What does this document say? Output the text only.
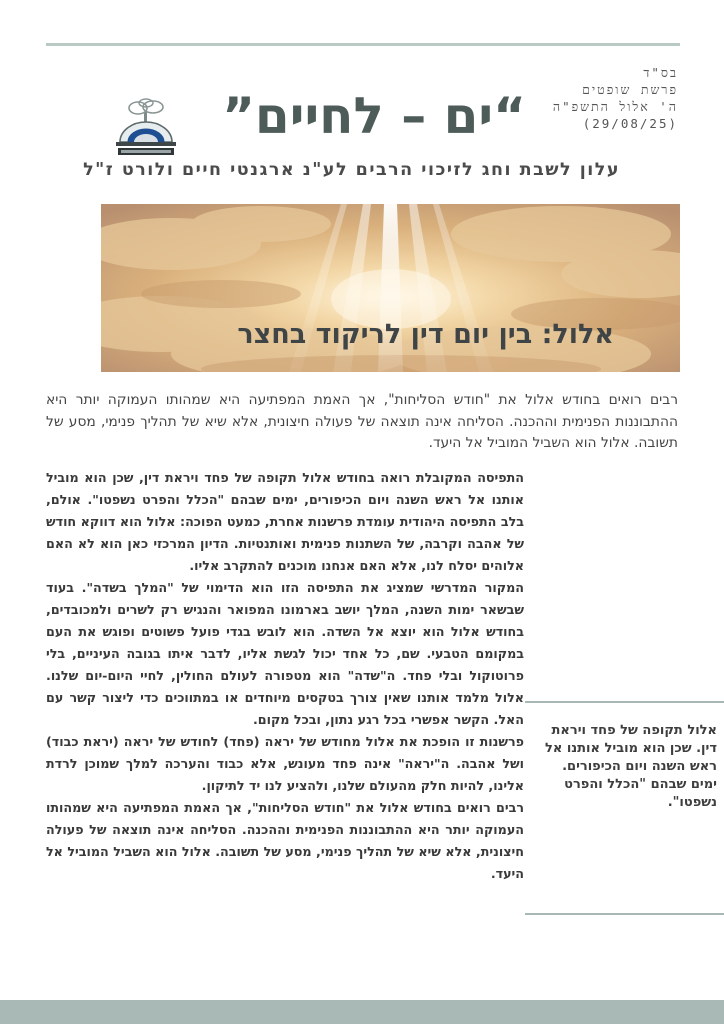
בס"ד
פרשת שופטים
ה' אלול התשפ"ה
(29/08/25)
“ים – לחיים”
עלון לשבת וחג לזיכוי הרבים לע"נ ארגנטי חיים ולורט ז"ל
אלול: בין יום דין לריקוד בחצר
רבים רואים בחודש אלול את "חודש הסליחות", אך האמת המפתיעה היא שמהותו העמוקה יותר היא ההתבוננות הפנימית וההכנה. הסליחה אינה תוצאה של פעולה חיצונית, אלא שיא של תהליך פנימי, מסע של תשובה. אלול הוא השביל המוביל אל היעד.

התפיסה המקובלת רואה בחודש אלול תקופה של פחד ויראת דין, שכן הוא מוביל אותנו אל ראש השנה ויום הכיפורים, ימים שבהם "הכלל והפרט נשפטו". אולם, בלב התפיסה היהודית עומדת פרשנות אחרת, כמעט הפוכה: אלול הוא דווקא חודש של אהבה וקרבה, של השתנות פנימית ואותנטיות. הדיון המרכזי כאן הוא לא האם אלוהים יסלח לנו, אלא האם אנחנו מוכנים להתקרב אליו.

המקור המדרשי שמציג את התפיסה הזו הוא הדימוי של "המלך בשדה". בעוד שבשאר ימות השנה, המלך יושב בארמונו המפואר והנגיש רק לשרים ולמכובדים, בחודש אלול הוא יוצא אל השדה. הוא לובש בגדי פועל פשוטים ופוגש את העם במקומם הטבעי. שם, כל אחד יכול לגשת אליו, לדבר איתו בגובה העיניים, בלי פרוטוקול ובלי פחד. ה"שדה" הוא מטפורה לעולם החולין, לחיי היום-יום שלנו. אלול מלמד אותנו שאין צורך בטקסים מיוחדים או במתווכים כדי ליצור קשר עם האל. הקשר אפשרי בכל רגע נתון, ובכל מקום.

פרשנות זו הופכת את אלול מחודש של יראה (פחד) לחודש של יראה (יראת כבוד) ושל אהבה. ה"יראה" אינה פחד מעונש, אלא כבוד והערכה למלך שמוכן לרדת אלינו, להיות חלק מהעולם שלנו, ולהציע לנו יד לתיקון.

רבים רואים בחודש אלול את "חודש הסליחות", אך האמת המפתיעה היא שמהותו העמוקה יותר היא ההתבוננות הפנימית וההכנה. הסליחה אינה תוצאה של פעולה חיצונית, אלא שיא של תהליך פנימי, מסע של תשובה. אלול הוא השביל המוביל אל היעד.

אלול תקופה של פחד ויראת דין. שכן הוא מוביל אותנו אל ראש השנה ויום הכיפורים. ימים שבהם "הכלל והפרט נשפטו".
